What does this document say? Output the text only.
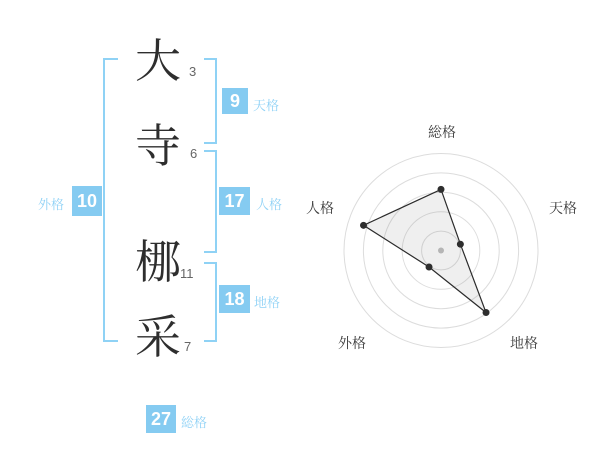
大
寺
梛
采
3
6
11
7
9	天格
17 人格
18 地格
10
外格
27 総格
総格
天格
地格
外格
人格
